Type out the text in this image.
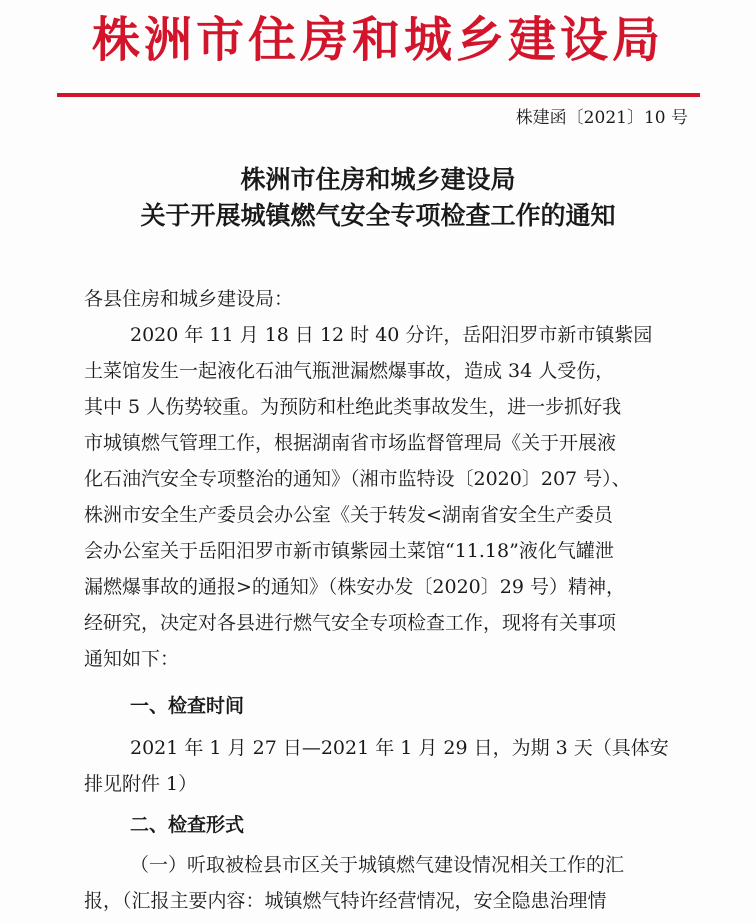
株洲市住房和城乡建设局
株建函〔2021〕10 号
株洲市住房和城乡建设局
关于开展城镇燃气安全专项检查工作的通知
各县住房和城乡建设局：
2020 年 11 月 18 日 12 时 40 分许，岳阳汨罗市新市镇紫园
土菜馆发生一起液化石油气瓶泄漏燃爆事故，造成 34 人受伤，
其中 5 人伤势较重。为预防和杜绝此类事故发生，进一步抓好我
市城镇燃气管理工作，根据湖南省市场监督管理局《关于开展液
化石油汽安全专项整治的通知》（湘市监特设〔2020〕207 号）、
株洲市安全生产委员会办公室《关于转发<湖南省安全生产委员
会办公室关于岳阳汨罗市新市镇紫园土菜馆“11.18”液化气罐泄
漏燃爆事故的通报>的通知》（株安办发〔2020〕29 号）精神，
经研究，决定对各县进行燃气安全专项检查工作，现将有关事项
通知如下：
一、检查时间
2021 年 1 月 27 日—2021 年 1 月 29 日，为期 3 天（具体安
排见附件 1）
二、检查形式
（一）听取被检县市区关于城镇燃气建设情况相关工作的汇
报，（汇报主要内容：城镇燃气特许经营情况，安全隐患治理情
